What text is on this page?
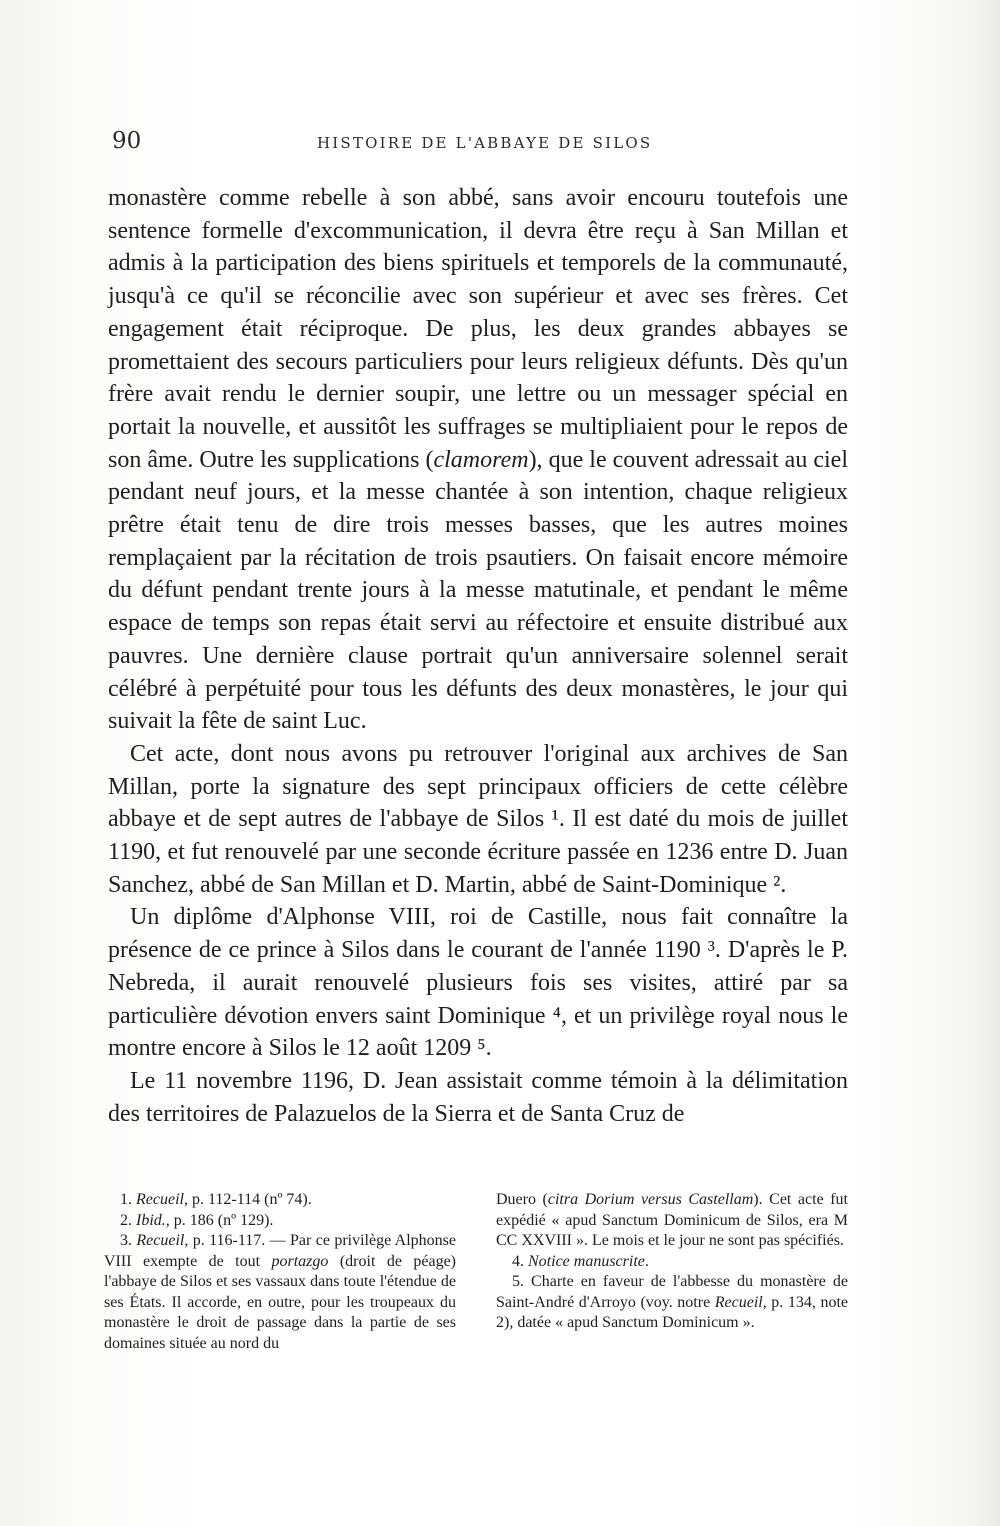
90	HISTOIRE DE L'ABBAYE DE SILOS

monastère comme rebelle à son abbé, sans avoir encouru toutefois une sentence formelle d'excommunication, il devra être reçu à San Millan et admis à la participation des biens spirituels et temporels de la communauté, jusqu'à ce qu'il se réconcilie avec son supérieur et avec ses frères. Cet engagement était réciproque. De plus, les deux grandes abbayes se promettaient des secours particuliers pour leurs religieux défunts. Dès qu'un frère avait rendu le dernier soupir, une lettre ou un messager spécial en portait la nouvelle, et aussitôt les suffrages se multipliaient pour le repos de son âme. Outre les supplications (clamorem), que le couvent adressait au ciel pendant neuf jours, et la messe chantée à son intention, chaque religieux prêtre était tenu de dire trois messes basses, que les autres moines remplaçaient par la récitation de trois psautiers. On faisait encore mémoire du défunt pendant trente jours à la messe matutinale, et pendant le même espace de temps son repas était servi au réfectoire et ensuite distribué aux pauvres. Une dernière clause portrait qu'un anniversaire solennel serait célébré à perpétuité pour tous les défunts des deux monastères, le jour qui suivait la fête de saint Luc.

Cet acte, dont nous avons pu retrouver l'original aux archives de San Millan, porte la signature des sept principaux officiers de cette célèbre abbaye et de sept autres de l'abbaye de Silos ¹. Il est daté du mois de juillet 1190, et fut renouvelé par une seconde écriture passée en 1236 entre D. Juan Sanchez, abbé de San Millan et D. Martin, abbé de Saint-Dominique ².

Un diplôme d'Alphonse VIII, roi de Castille, nous fait connaître la présence de ce prince à Silos dans le courant de l'année 1190 ³. D'après le P. Nebreda, il aurait renouvelé plusieurs fois ses visites, attiré par sa particulière dévotion envers saint Dominique ⁴, et un privilège royal nous le montre encore à Silos le 12 août 1209 ⁵.

Le 11 novembre 1196, D. Jean assistait comme témoin à la délimitation des territoires de Palazuelos de la Sierra et de Santa Cruz de

1. Recueil, p. 112-114 (nº 74).

2. Ibid., p. 186 (nº 129).

3. Recueil, p. 116-117. — Par ce privilège Alphonse VIII exempte de tout portazgo (droit de péage) l'abbaye de Silos et ses vassaux dans toute l'étendue de ses États. Il accorde, en outre, pour les troupeaux du monastère le droit de passage dans la partie de ses domaines située au nord du

Duero (citra Dorium versus Castellam). Cet acte fut expédié « apud Sanctum Dominicum de Silos, era M CC XXVIII ». Le mois et le jour ne sont pas spécifiés.

4. Notice manuscrite.

5. Charte en faveur de l'abbesse du monastère de Saint-André d'Arroyo (voy. notre Recueil, p. 134, note 2), datée « apud Sanctum Dominicum ».
